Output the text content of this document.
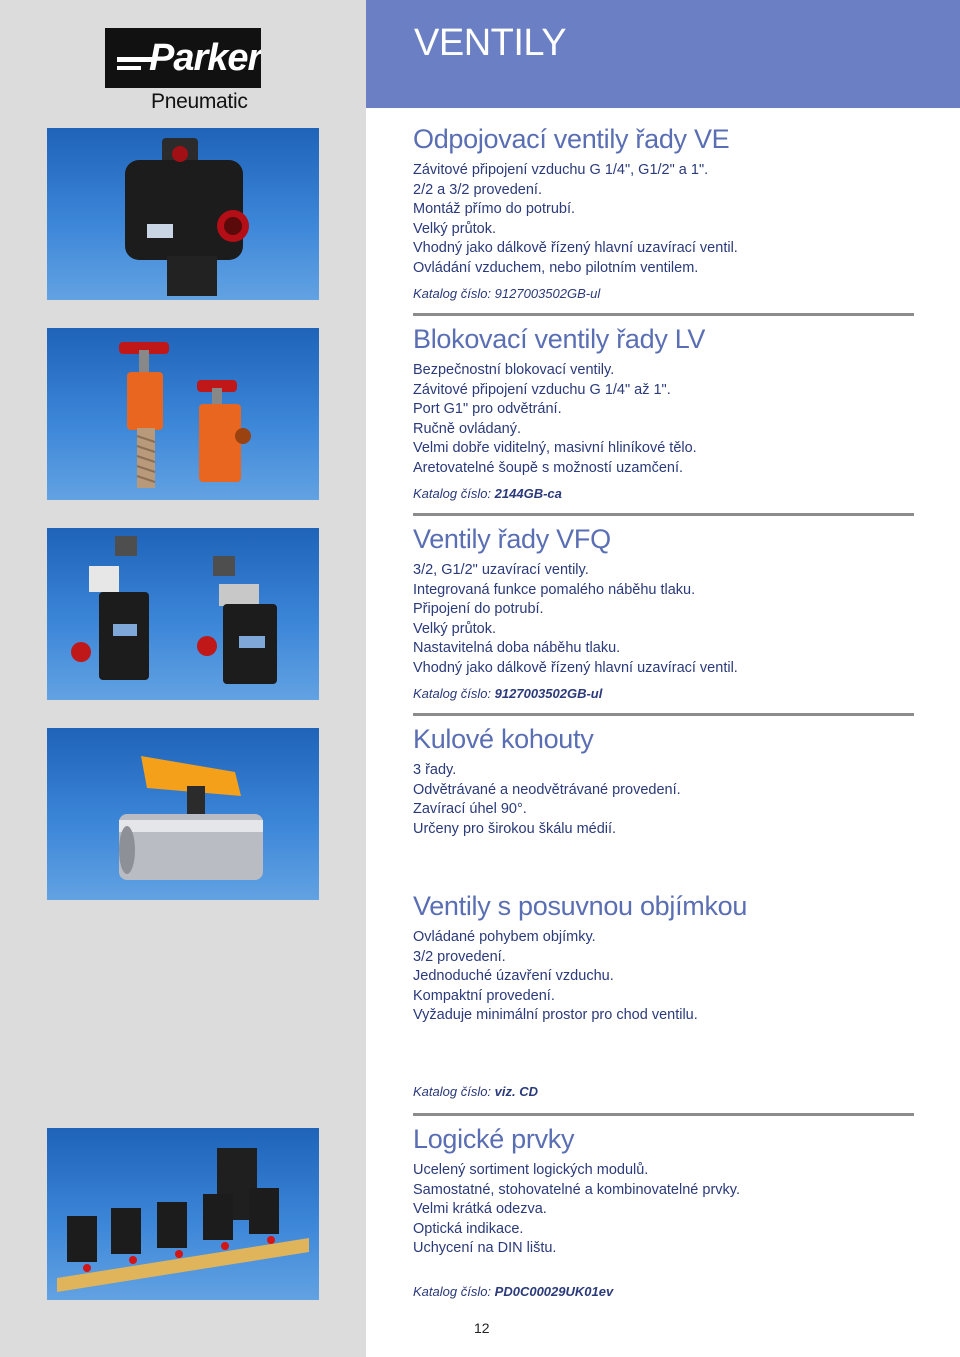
Parker
Pneumatic
VENTILY
Odpojovací ventily řady VE
Závitové připojení vzduchu G 1/4", G1/2" a 1".
2/2 a 3/2 provedení.
Montáž přímo do potrubí.
Velký průtok.
Vhodný jako dálkově řízený hlavní uzavírací ventil.
Ovládání vzduchem, nebo pilotním ventilem.
Katalog číslo: 9127003502GB-ul
Blokovací ventily řady LV
Bezpečnostní blokovací ventily.
Závitové připojení vzduchu G 1/4" až 1".
Port G1" pro odvětrání.
Ručně ovládaný.
Velmi dobře viditelný, masivní hliníkové tělo.
Aretovatelné šoupě s možností uzamčení.
Katalog číslo: 2144GB-ca
Ventily řady VFQ
3/2, G1/2" uzavírací ventily.
Integrovaná funkce pomalého náběhu tlaku.
Připojení do potrubí.
Velký průtok.
Nastavitelná doba náběhu tlaku.
Vhodný jako dálkově řízený hlavní uzavírací ventil.
Katalog číslo: 9127003502GB-ul
Kulové kohouty
3 řady.
Odvětrávané a neodvětrávané provedení.
Zavírací úhel 90°.
Určeny pro širokou škálu médií.
Ventily s posuvnou objímkou
Ovládané pohybem objímky.
3/2 provedení.
Jednoduché úzavření vzduchu.
Kompaktní provedení.
Vyžaduje minimální prostor pro chod ventilu.
Katalog číslo: viz. CD
Logické prvky
Ucelený sortiment logických modulů.
Samostatné, stohovatelné a kombinovatelné prvky.
Velmi krátká odezva.
Optická indikace.
Uchycení na DIN lištu.
Katalog číslo: PD0C00029UK01ev
12
